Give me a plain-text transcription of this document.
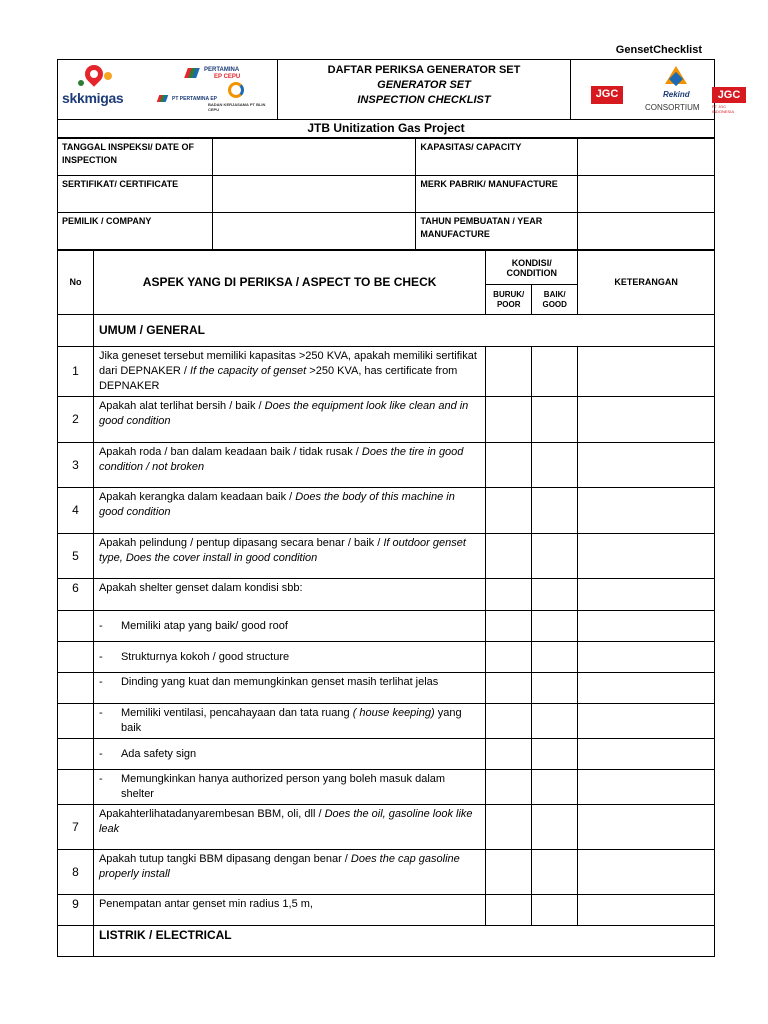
GensetChecklist
skkmigas
PERTAMINA
EP CEPU
PT PERTAMINA EP
BADAN KERJASAMA PT BLIN CEPU
DAFTAR PERIKSA GENERATOR SET
GENERATOR SET
INSPECTION CHECKLIST	JGC	Rekind
CONSORTIUM
JGC
PT JGC INDONESIA
JTB Unitization Gas Project
TANGGAL INSPEKSI/ DATE OF INSPECTION		KAPASITAS/ CAPACITY	
SERTIFIKAT/ CERTIFICATE		MERK PABRIK/ MANUFACTURE	
PEMILIK / COMPANY		TAHUN PEMBUATAN / YEAR MANUFACTURE	
No	ASPEK YANG DI PERIKSA / ASPECT TO BE CHECK	KONDISI/ CONDITION		KETERANGAN
		BURUK/ POOR	BAIK/ GOOD	
	UMUM / GENERAL			
1	Jika geneset tersebut memiliki kapasitas >250 KVA, apakah memiliki sertifikat dari DEPNAKER / If the capacity of genset >250 KVA, has certificate from DEPNAKER			
2	Apakah alat terlihat bersih / baik / Does the equipment look like clean and in good condition			
3	Apakah roda / ban dalam keadaan baik / tidak rusak / Does the tire in good condition / not broken			
4	Apakah kerangka dalam keadaan baik / Does the body of this machine in good condition			
5	Apakah pelindung / pentup dipasang secara benar / baik / If outdoor genset type, Does the cover install in good condition			
6	Apakah shelter genset dalam kondisi sbb:			

	- Memiliki atap yang baik/ good roof			

	- Strukturnya kokoh / good structure			

	- Dinding yang kuat dan memungkinkan genset masih terlihat jelas			

	- Memiliki ventilasi, pencahayaan dan tata ruang ( house keeping) yang baik			

	- Ada safety sign			

	- Memungkinkan hanya authorized person yang boleh masuk dalam shelter			

7	Apakahterlihatadanyarembesan BBM, oli, dll / Does the oil, gasoline look like leak			
8	Apakah tutup tangki BBM dipasang dengan benar / Does the cap gasoline properly install			
9	Penempatan antar genset min radius 1,5 m,			
	LISTRIK / ELECTRICAL			
